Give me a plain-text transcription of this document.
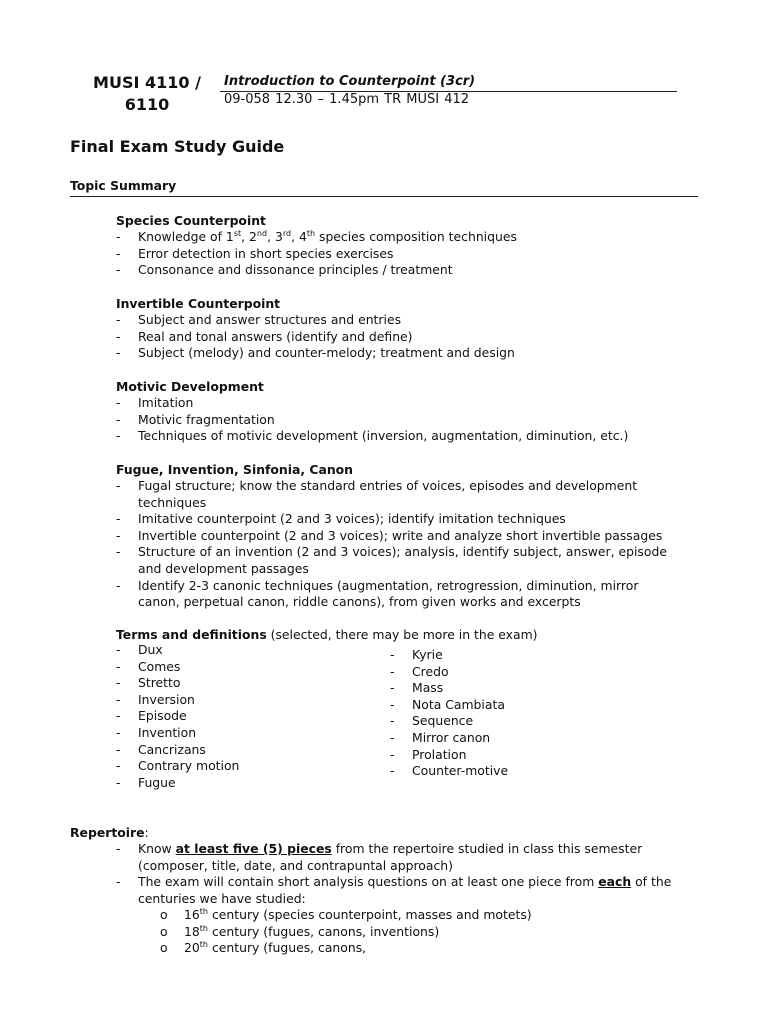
MUSI 4110 /
6110
Introduction to Counterpoint (3cr)
09-058 12.30 – 1.45pm TR MUSI 412
Final Exam Study Guide
Topic Summary
Species Counterpoint
- Knowledge of 1st, 2nd, 3rd, 4th species composition techniques
- Error detection in short species exercises
- Consonance and dissonance principles / treatment
Invertible Counterpoint
- Subject and answer structures and entries
- Real and tonal answers (identify and define)
- Subject (melody) and counter-melody; treatment and design
Motivic Development
- Imitation
- Motivic fragmentation
- Techniques of motivic development (inversion, augmentation, diminution, etc.)
Fugue, Invention, Sinfonia, Canon
- Fugal structure; know the standard entries of voices, episodes and development techniques
- Imitative counterpoint (2 and 3 voices); identify imitation techniques
- Invertible counterpoint (2 and 3 voices); write and analyze short invertible passages
- Structure of an invention (2 and 3 voices); analysis, identify subject, answer, episode and development passages
- Identify 2-3 canonic techniques (augmentation, retrogression, diminution, mirror canon, perpetual canon, riddle canons), from given works and excerpts
Terms and definitions (selected, there may be more in the exam)
- Dux
- Comes
- Stretto
- Inversion
- Episode
- Invention
- Cancrizans
- Contrary motion
- Fugue
- Kyrie
- Credo
- Mass
- Nota Cambiata
- Sequence
- Mirror canon
- Prolation
- Counter-motive
Repertoire:
- Know at least five (5) pieces from the repertoire studied in class this semester (composer, title, date, and contrapuntal approach)
- The exam will contain short analysis questions on at least one piece from each of the centuries we have studied:
o 16th century (species counterpoint, masses and motets)
o 18th century (fugues, canons, inventions)
o 20th century (fugues, canons,
